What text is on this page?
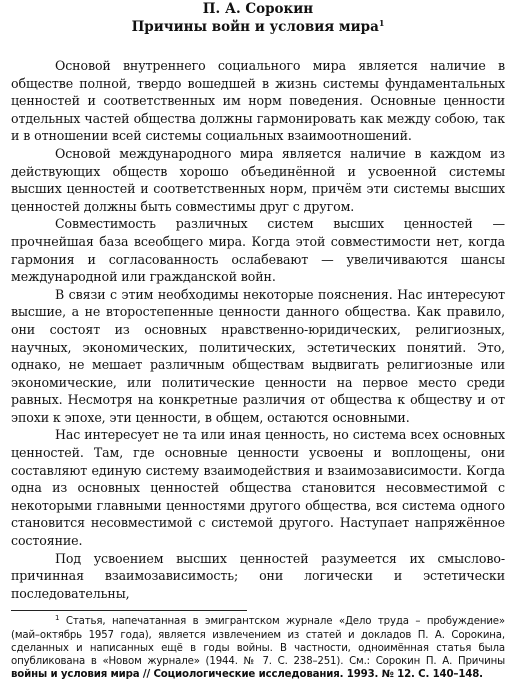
П. А. Сорокин
Причины войн и условия мира$^1$

Основой внутреннего социального мира является наличие в обществе полной, твердо вошедшей в жизнь системы фундаментальных ценностей и соответственных им норм поведения. Основные ценности отдельных частей общества должны гармонировать как между собою, так и в отношении всей системы социальных взаимоотношений.

Основой международного мира является наличие в каждом из действующих обществ хорошо объединённой и усвоенной системы высших ценностей и соответственных норм, причём эти системы высших ценностей должны быть совместимы друг с другом.

Совместимость различных систем высших ценностей — прочнейшая база всеобщего мира. Когда этой совместимости нет, когда гармония и согласованность ослабевают — увеличиваются шансы международной или гражданской войн.

В связи с этим необходимы некоторые пояснения. Нас интересуют высшие, а не второстепенные ценности данного общества. Как правило, они состоят из основных нравственно-юридических, религиозных, научных, экономических, политических, эстетических понятий. Это, однако, не мешает различным обществам выдвигать религиозные или экономические, или политические ценности на первое место среди равных. Несмотря на конкретные различия от общества к обществу и от эпохи к эпохе, эти ценности, в общем, остаются основными.

Нас интересует не та или иная ценность, но система всех основных ценностей. Там, где основные ценности усвоены и воплощены, они составляют единую систему взаимодействия и взаимозависимости. Когда одна из основных ценностей общества становится несовместимой с некоторыми главными ценностями другого общества, вся система одного становится несовместимой с системой другого. Наступает напряжённое состояние.

Под усвоением высших ценностей разумеется их смыслово-причинная взаимозависимость; они логически и эстетически последовательны,

$^1$ Статья, напечатанная в эмигрантском журнале «Дело труда – пробуждение» (май–октябрь 1957 года), является извлечением из статей и докладов П. А. Сорокина, сделанных и написанных ещё в годы войны. В частности, одноимённая статья была опубликована в «Новом журнале» (1944. № 7. С. 238–251). См.: Сорокин П. А. Причины войны и условия мира // Социологические исследования. 1993. № 12. С. 140–148.
